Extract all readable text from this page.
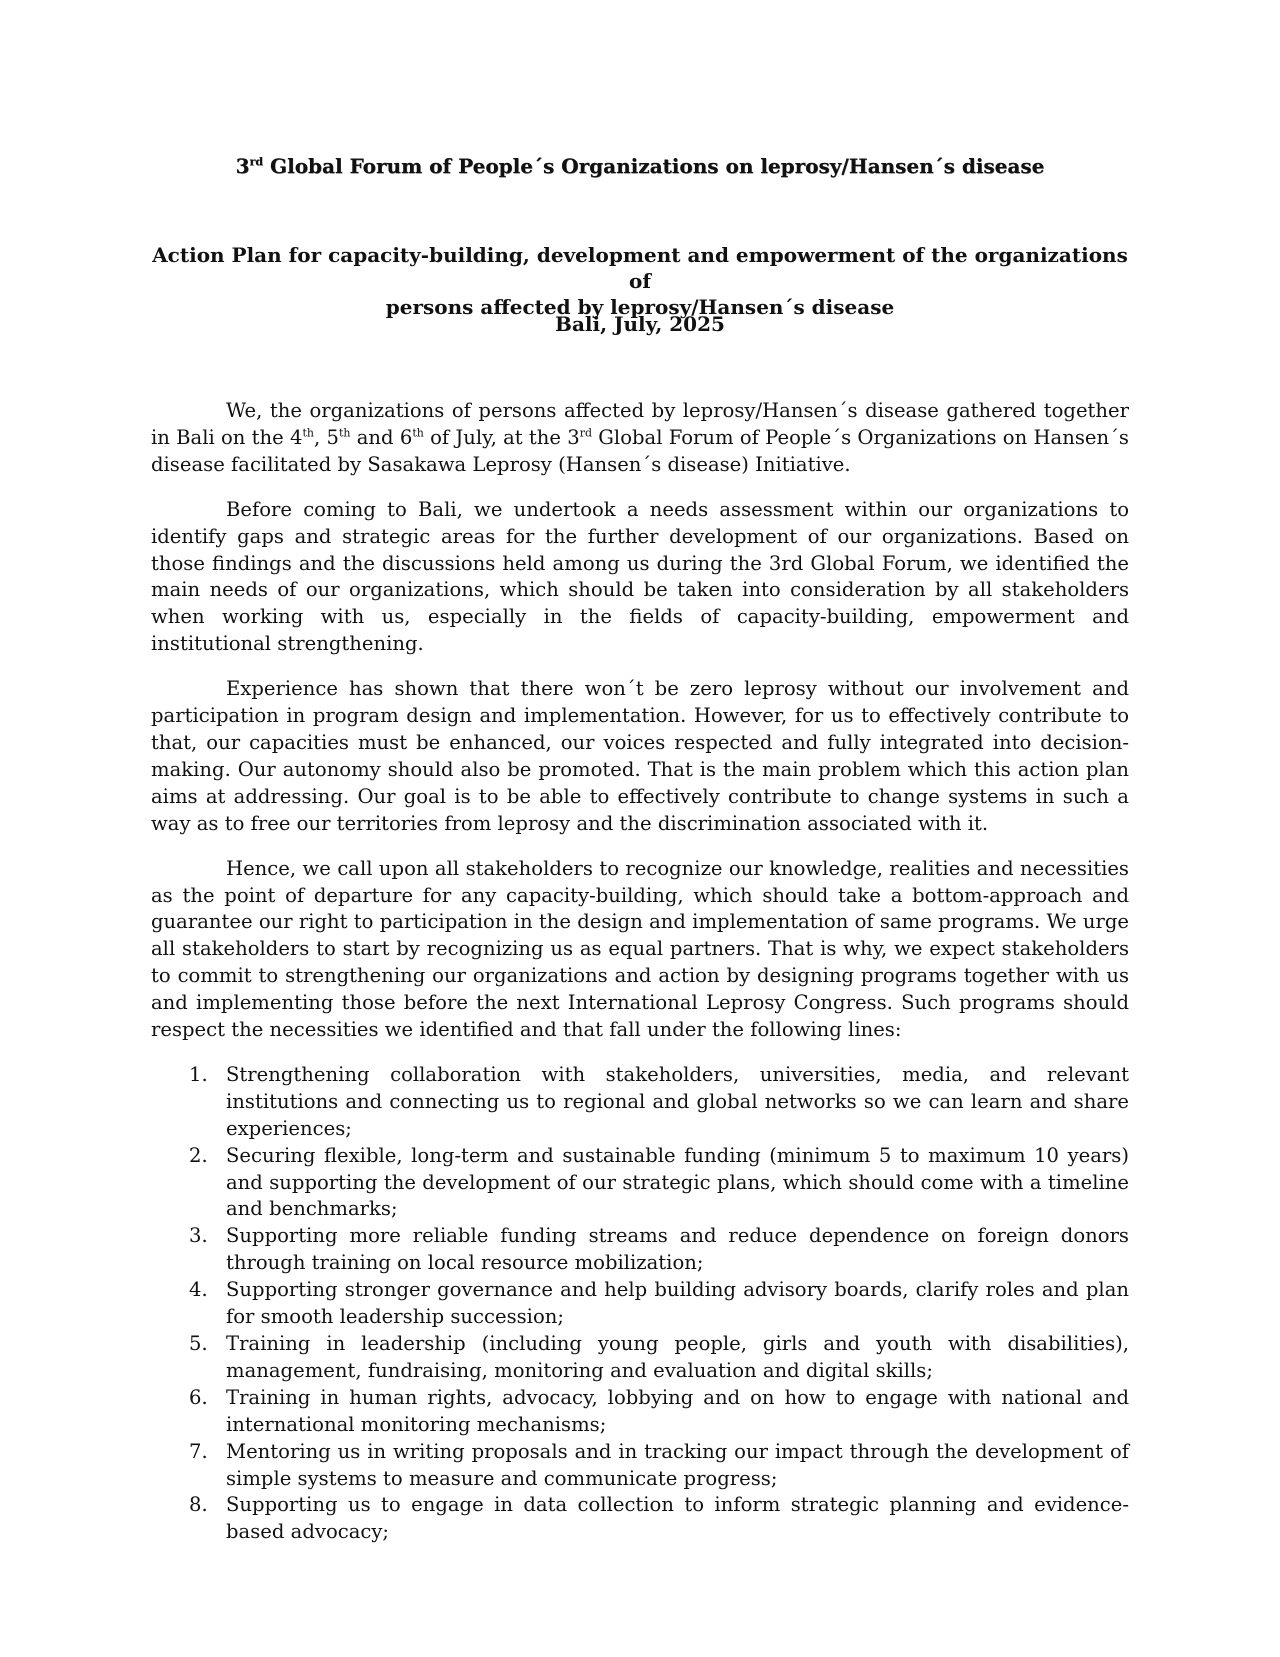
3rd Global Forum of People´s Organizations on leprosy/Hansen´s disease
Action Plan for capacity-building, development and empowerment of the organizations of
persons affected by leprosy/Hansen´s disease
Bali, July, 2025

We, the organizations of persons affected by leprosy/Hansen´s disease gathered together in Bali on the 4th, 5th and 6th of July, at the 3rd Global Forum of People´s Organizations on Hansen´s disease facilitated by Sasakawa Leprosy (Hansen´s disease) Initiative.

Before coming to Bali, we undertook a needs assessment within our organizations to identify gaps and strategic areas for the further development of our organizations. Based on those findings and the discussions held among us during the 3rd Global Forum, we identified the main needs of our organizations, which should be taken into consideration by all stakeholders when working with us, especially in the fields of capacity-building, empowerment and institutional strengthening.

Experience has shown that there won´t be zero leprosy without our involvement and participation in program design and implementation. However, for us to effectively contribute to that, our capacities must be enhanced, our voices respected and fully integrated into decision-making. Our autonomy should also be promoted. That is the main problem which this action plan aims at addressing. Our goal is to be able to effectively contribute to change systems in such a way as to free our territories from leprosy and the discrimination associated with it.

Hence, we call upon all stakeholders to recognize our knowledge, realities and necessities as the point of departure for any capacity-building, which should take a bottom-approach and guarantee our right to participation in the design and implementation of same programs. We urge all stakeholders to start by recognizing us as equal partners. That is why, we expect stakeholders to commit to strengthening our organizations and action by designing programs together with us and implementing those before the next International Leprosy Congress. Such programs should respect the necessities we identified and that fall under the following lines:

1. Strengthening collaboration with stakeholders, universities, media, and relevant institutions and connecting us to regional and global networks so we can learn and share experiences;
2. Securing flexible, long-term and sustainable funding (minimum 5 to maximum 10 years) and supporting the development of our strategic plans, which should come with a timeline and benchmarks;
3. Supporting more reliable funding streams and reduce dependence on foreign donors through training on local resource mobilization;
4. Supporting stronger governance and help building advisory boards, clarify roles and plan for smooth leadership succession;
5. Training in leadership (including young people, girls and youth with disabilities), management, fundraising, monitoring and evaluation and digital skills;
6. Training in human rights, advocacy, lobbying and on how to engage with national and international monitoring mechanisms;
7. Mentoring us in writing proposals and in tracking our impact through the development of simple systems to measure and communicate progress;
8. Supporting us to engage in data collection to inform strategic planning and evidence-based advocacy;
